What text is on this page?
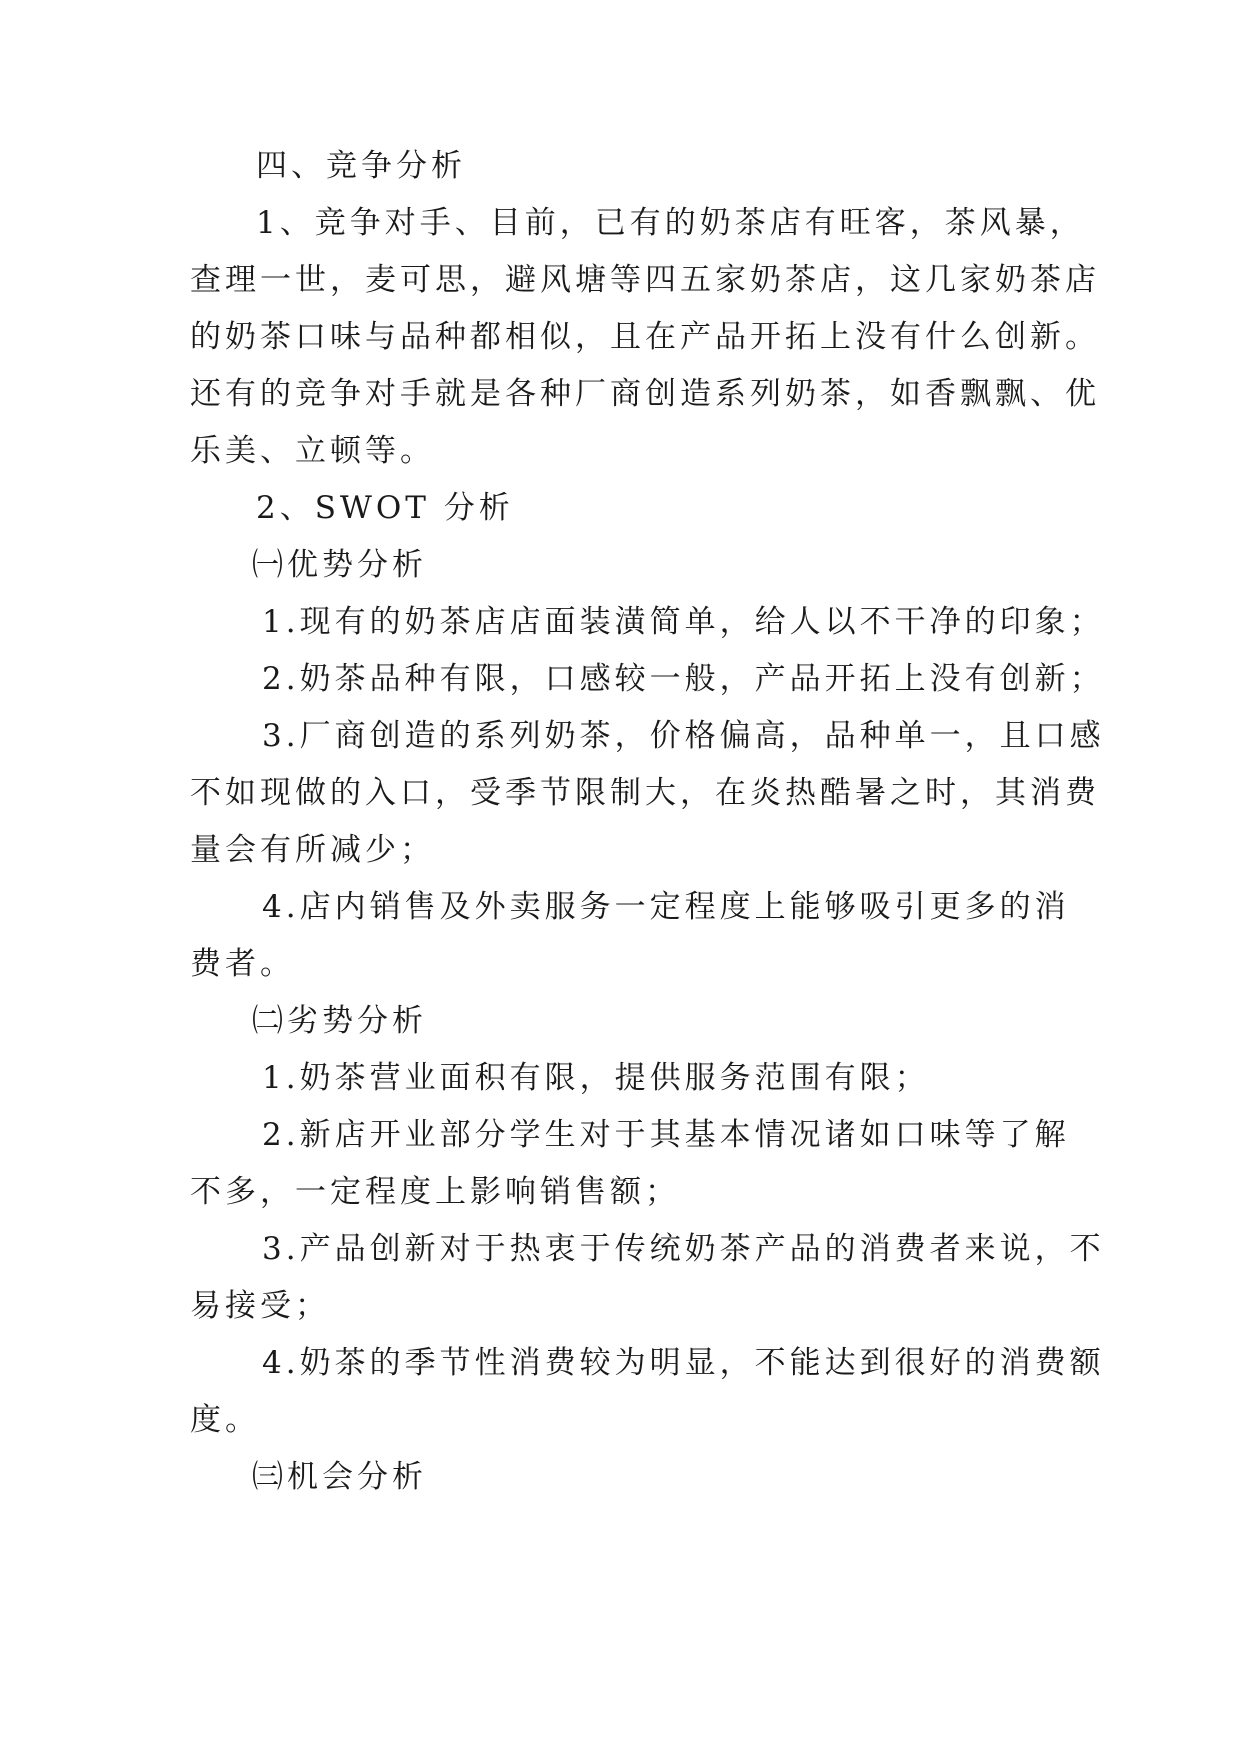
四、竞争分析

1、竞争对手、目前，已有的奶茶店有旺客，茶风暴，

查理一世，麦可思，避风塘等四五家奶茶店，这几家奶茶店

的奶茶口味与品种都相似，且在产品开拓上没有什么创新。

还有的竞争对手就是各种厂商创造系列奶茶，如香飘飘、优

乐美、立顿等。

2、SWOT 分析

㈠优势分析

1.现有的奶茶店店面装潢简单，给人以不干净的印象；

2.奶茶品种有限，口感较一般，产品开拓上没有创新；

3.厂商创造的系列奶茶，价格偏高，品种单一，且口感

不如现做的入口，受季节限制大，在炎热酷暑之时，其消费

量会有所减少；

4.店内销售及外卖服务一定程度上能够吸引更多的消

费者。

㈡劣势分析

1.奶茶营业面积有限，提供服务范围有限；

2.新店开业部分学生对于其基本情况诸如口味等了解

不多，一定程度上影响销售额；

3.产品创新对于热衷于传统奶茶产品的消费者来说，不

易接受；

4.奶茶的季节性消费较为明显，不能达到很好的消费额

度。

㈢机会分析
